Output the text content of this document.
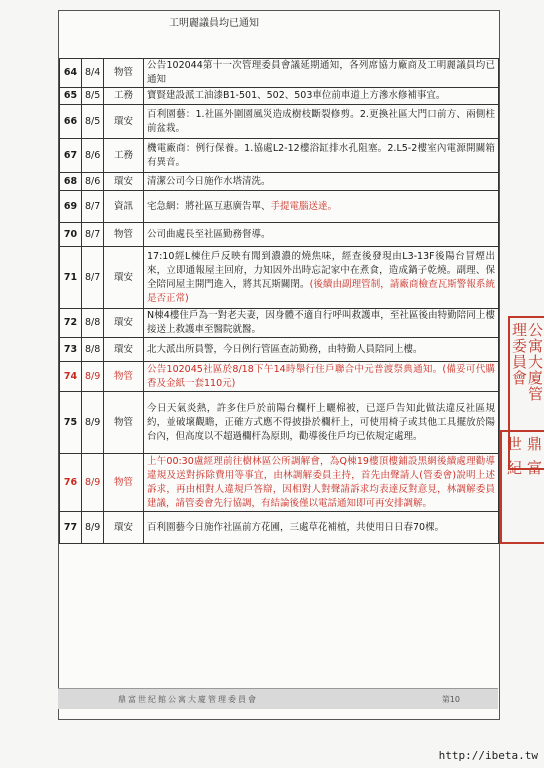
工明麗議員均已通知
64	8/4	物管	公告102044第十一次管理委員會議延期通知，各列席協力廠商及工明麗議員均已通知
65	8/5	工務	寶賢建設派工油漆B1-501、502、503車位前車道上方滲水修補事宜。
66	8/5	環安	百利園藝：1.社區外圍園風災造成樹枝斷裂修剪。2.更換社區大門口前方、兩側柱前盆栽。
67	8/6	工務	機電廠商：例行保養。1.協處L2-12樓浴缸排水孔阻塞。2.L5-2樓室內電源開關箱有異音。
68	8/6	環安	清潔公司今日施作水塔清洗。
69	8/7	資訊	宅急網：將社區互惠廣告單、手提電腦送達。
70	8/7	物管	公司曲處長至社區勤務督導。
71	8/7	環安	17:10經L棟住戶反映有聞到濃濃的燒焦味，經查後發現由L3-13F後陽台冒煙出來，立即通報屋主回府，力知因外出時忘記家中在煮食，造成鍋子乾燒。副理、保全陪同屋主開門進入，將其瓦斯關閉。(後續由副理管制，請廠商檢查瓦斯警報系統是否正常)
72	8/8	環安	N棟4樓住戶為一對老夫妻，因身體不適自行呼叫救護車，至社區後由特勤陪同上樓接送上救護車至醫院就醫。
73	8/8	環安	北大派出所員警，今日例行管區查訪勤務，由特勤人員陪同上樓。
74	8/9	物管	公告102045社區於8/18下午14時舉行住戶聯合中元普渡祭典通知。(備妥可代購香及金紙一套110元)
75	8/9	物管	今日天氣炎熱，許多住戶於前陽台欄杆上曬棉被，已逕戶告知此做法違反社區規約，並破壞觀瞻，正確方式應不得披掛於欄杆上，可使用椅子或其他工具擺放於陽台內，但高度以不超過欄杆為原則，勸導後住戶均已依規定處理。
76	8/9	物管	上午00:30盧經理前往樹林區公所調解會，為Q棟19樓頂樓鋪設黑網後續處理勸導違規及送對拆除費用等事宜，由林調解委員主持，首先由聲請人(管委會)說明上述訴求，再由相對人違規戶答辯，因相對人對聲請訴求均表達反對意見，林調解委員建議，請管委會先行協調，有結論後僅以電話通知即可再安排調解。
77	8/9	環安	百利園藝今日施作社區前方花圃，三處草花補植，共使用日日春70棵。
鼎富世紀館公寓大廈管理委員會	第10
公
寓
大
廈
管
理
委
員
會
鼎
富
世
紀
http://ibeta.tw
